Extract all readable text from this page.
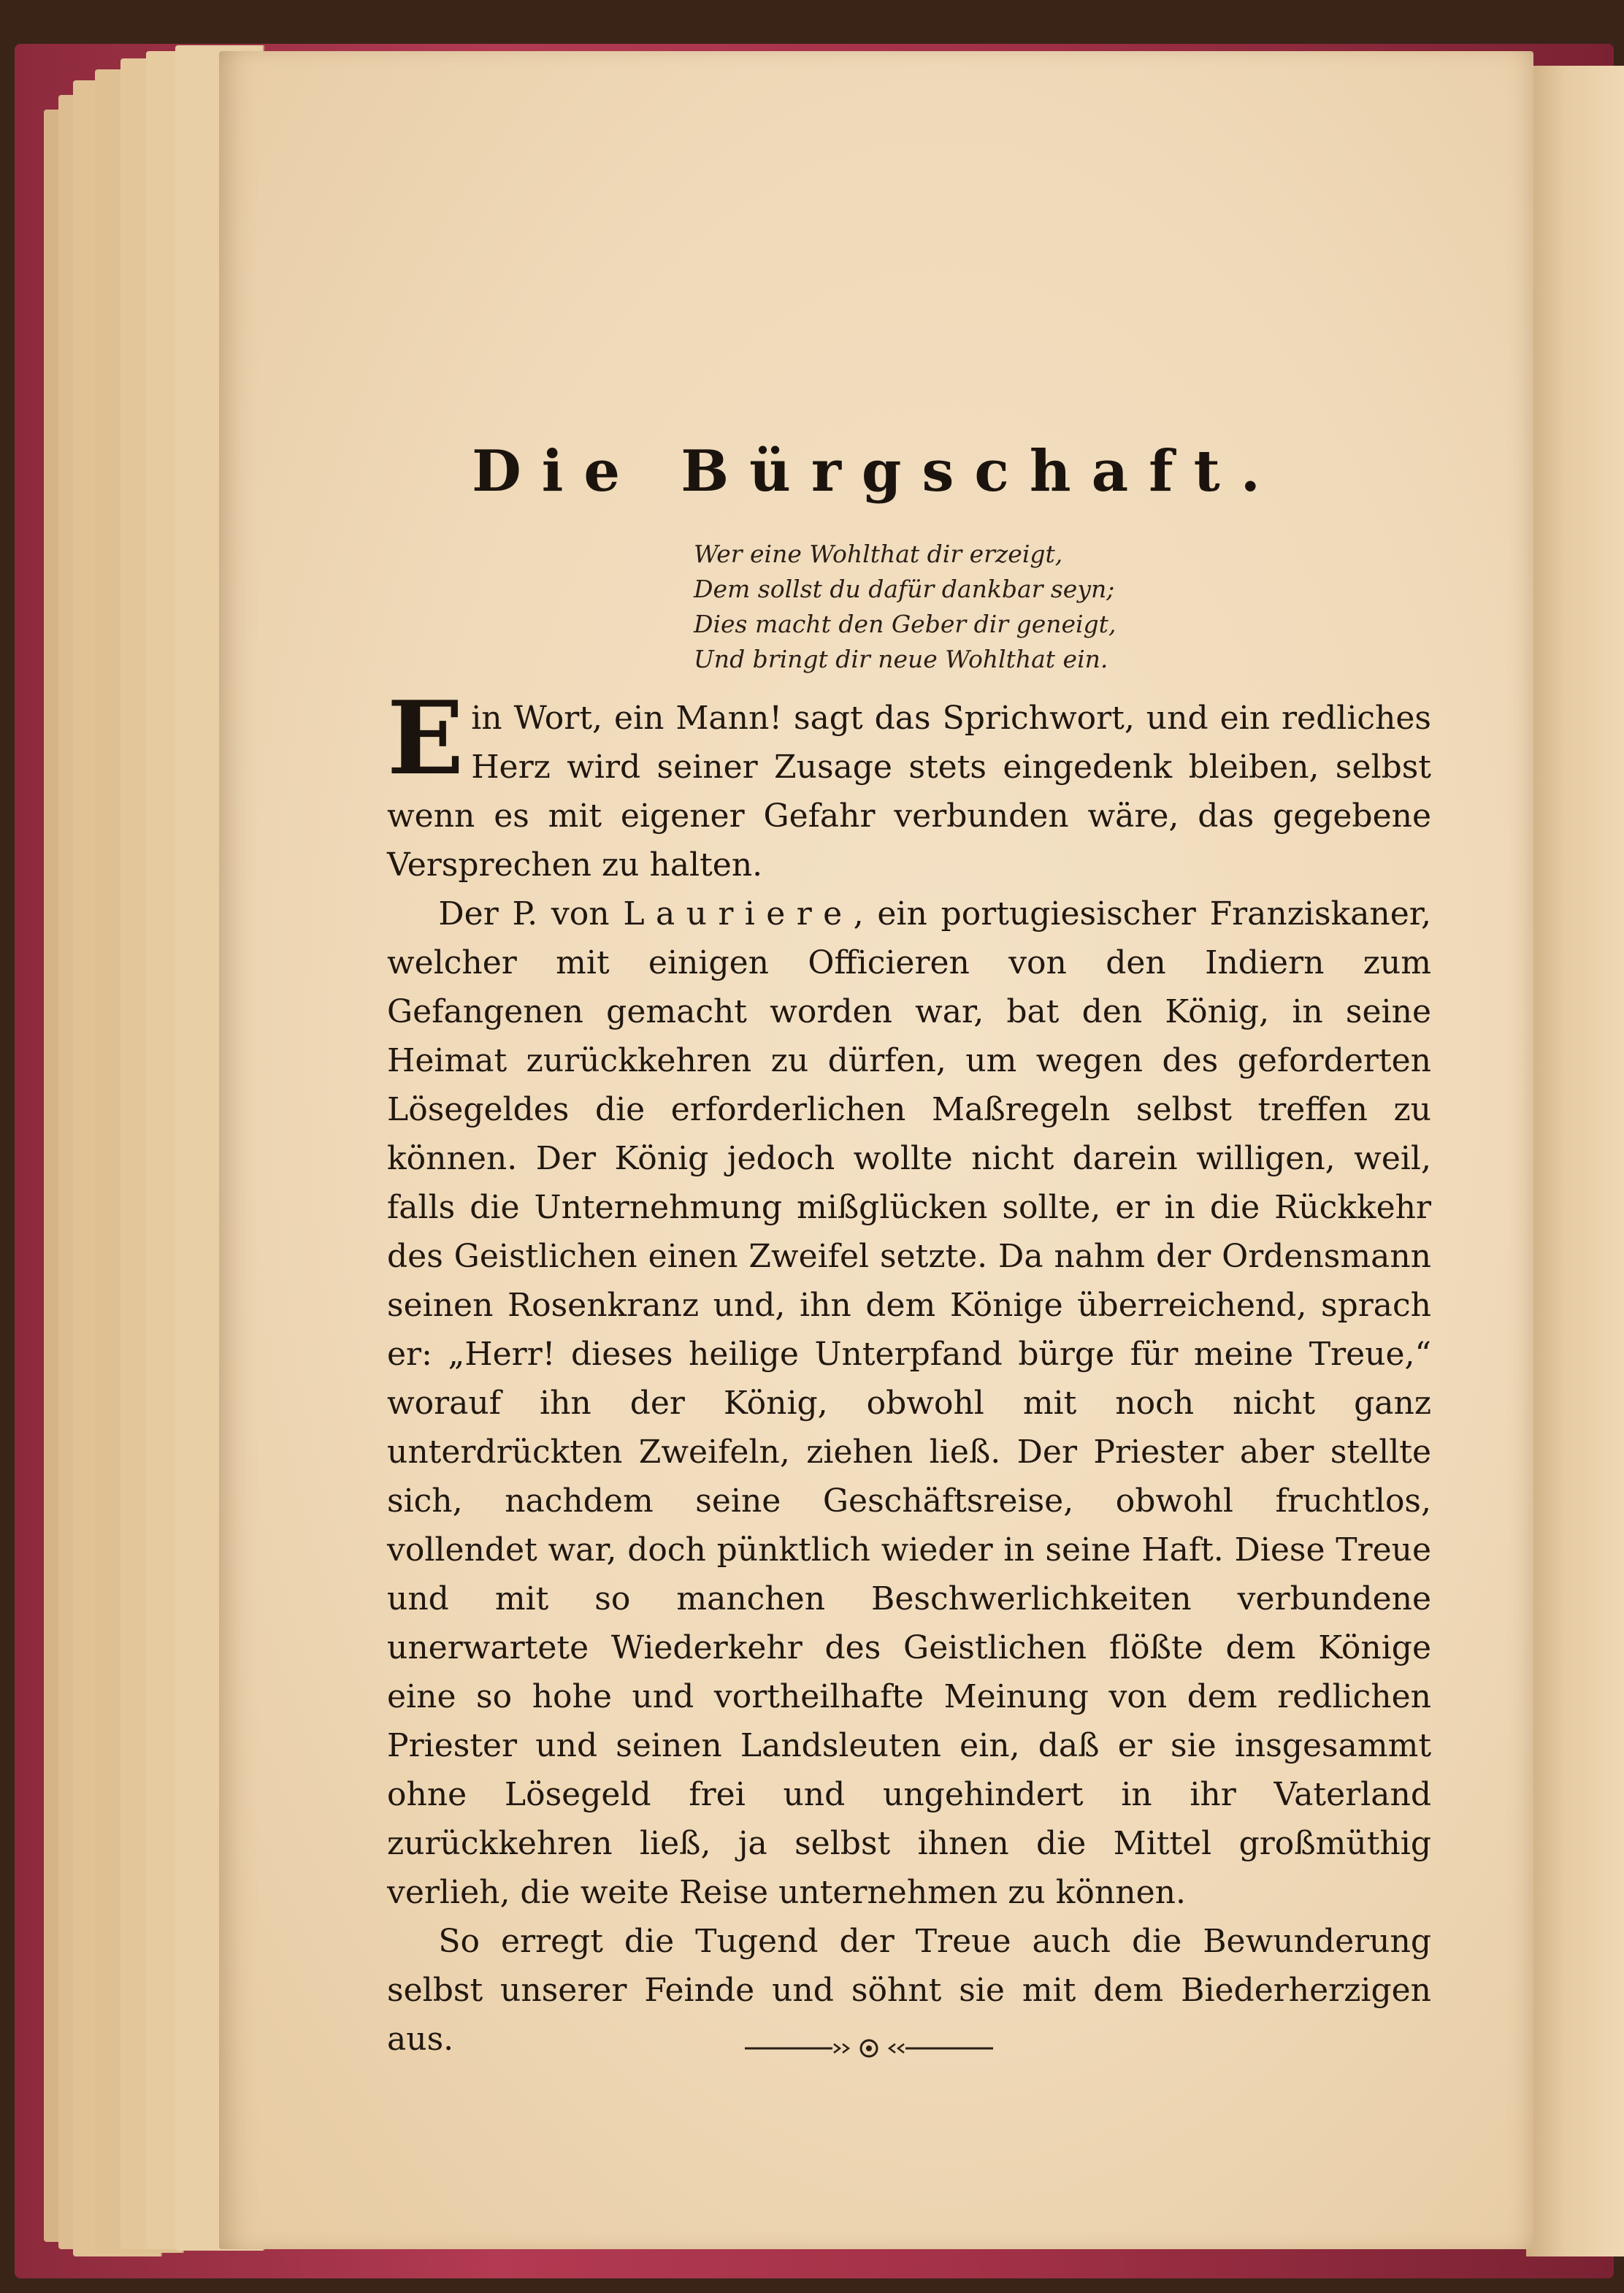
Die Bürgschaft.
Wer eine Wohlthat dir erzeigt,
Dem sollst du dafür dankbar seyn;
Dies macht den Geber dir geneigt,
Und bringt dir neue Wohlthat ein.

Ein Wort, ein Mann! sagt das Sprichwort, und ein redliches Herz wird seiner Zusage stets eingedenk bleiben, selbst wenn es mit eigener Gefahr verbunden wäre, das gegebene Versprechen zu halten.

Der P. von Lauriere, ein portugiesischer Franziskaner, welcher mit einigen Officieren von den Indiern zum Gefangenen gemacht worden war, bat den König, in seine Heimat zurückkehren zu dürfen, um wegen des geforderten Lösegeldes die erforderlichen Maßregeln selbst treffen zu können. Der König jedoch wollte nicht darein willigen, weil, falls die Unternehmung mißglücken sollte, er in die Rückkehr des Geistlichen einen Zweifel setzte. Da nahm der Ordensmann seinen Rosenkranz und, ihn dem Könige überreichend, sprach er: „Herr! dieses heilige Unterpfand bürge für meine Treue,“ worauf ihn der König, obwohl mit noch nicht ganz unterdrückten Zweifeln, ziehen ließ. Der Priester aber stellte sich, nachdem seine Geschäftsreise, obwohl fruchtlos, vollendet war, doch pünktlich wieder in seine Haft. Diese Treue und mit so manchen Beschwerlichkeiten verbundene unerwartete Wiederkehr des Geistlichen flößte dem Könige eine so hohe und vortheilhafte Meinung von dem redlichen Priester und seinen Landsleuten ein, daß er sie insgesammt ohne Lösegeld frei und ungehindert in ihr Vaterland zurückkehren ließ, ja selbst ihnen die Mittel großmüthig verlieh, die weite Reise unternehmen zu können.

So erregt die Tugend der Treue auch die Bewunderung selbst unserer Feinde und söhnt sie mit dem Biederherzigen aus.
